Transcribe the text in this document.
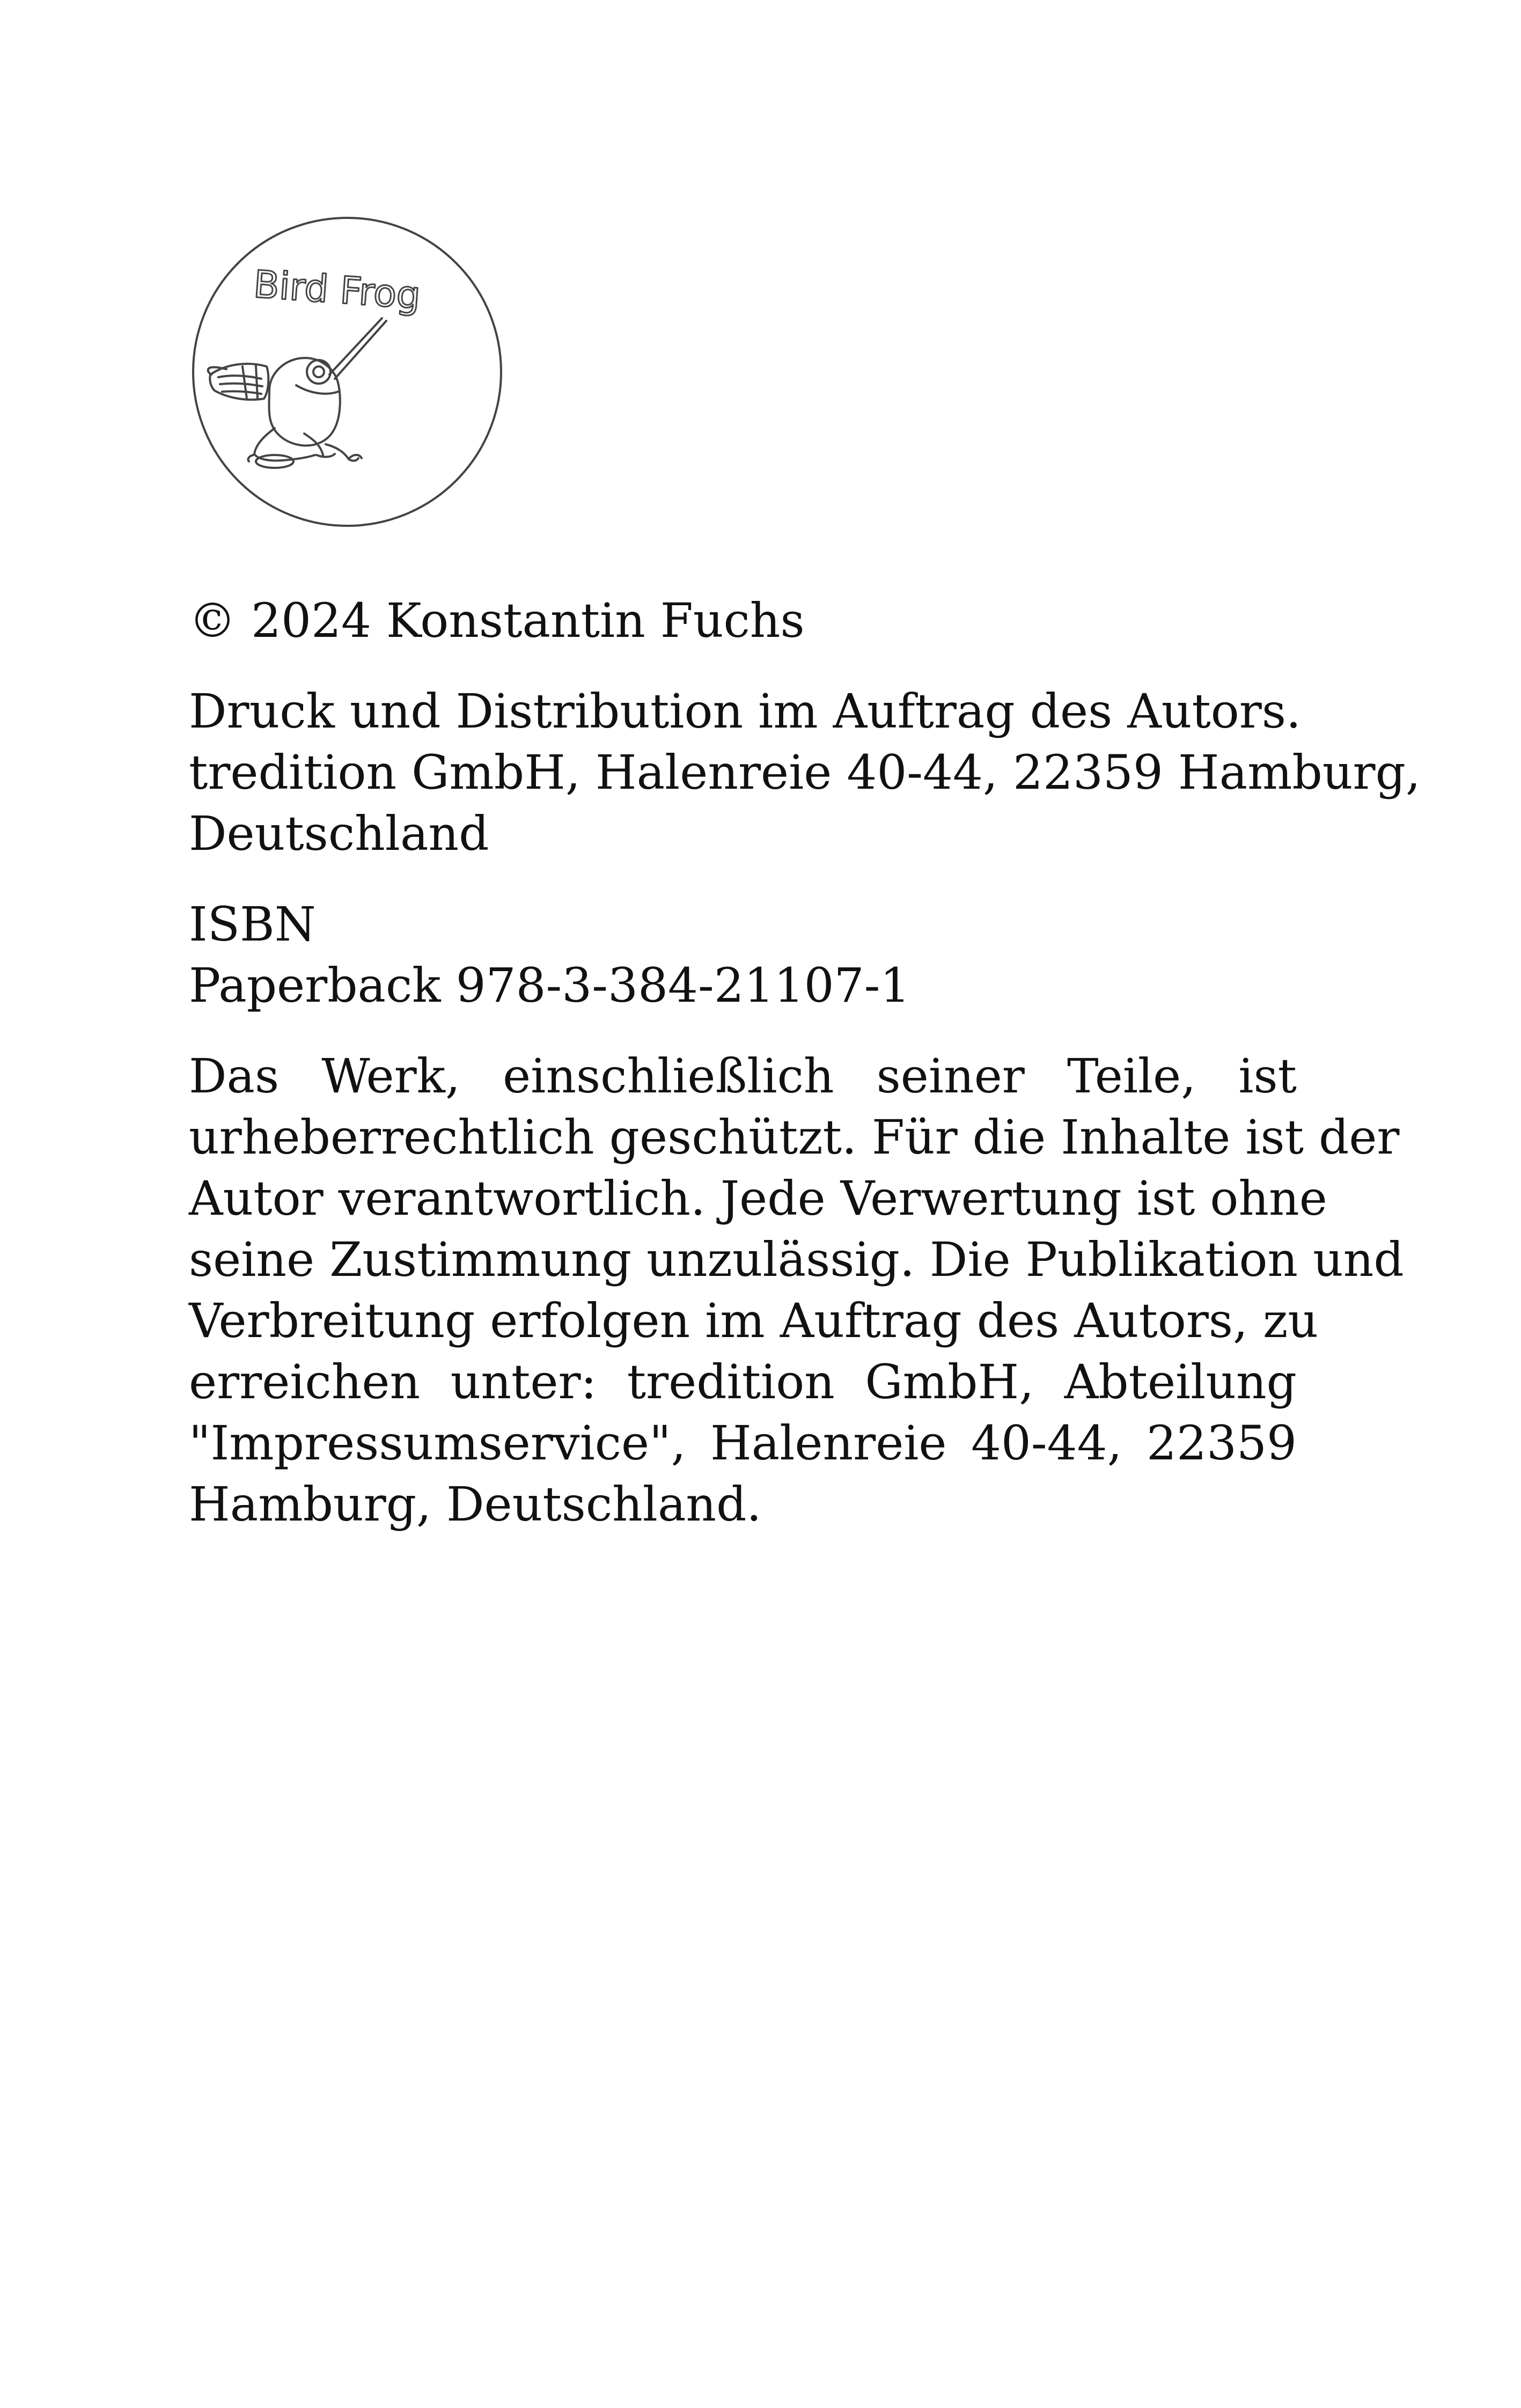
Bird Frog

© 2024 Konstantin Fuchs

Druck und Distribution im Auftrag des Autors.
tredition GmbH, Halenreie 40-44, 22359 Hamburg,
Deutschland

ISBN
Paperback 978-3-384-21107-1

Das Werk, einschließlich seiner Teile, ist
urheberrechtlich geschützt. Für die Inhalte ist der
Autor verantwortlich. Jede Verwertung ist ohne
seine Zustimmung unzulässig. Die Publikation und
Verbreitung erfolgen im Auftrag des Autors, zu
erreichen unter: tredition GmbH, Abteilung
"Impressumservice", Halenreie 40-44, 22359
Hamburg, Deutschland.
